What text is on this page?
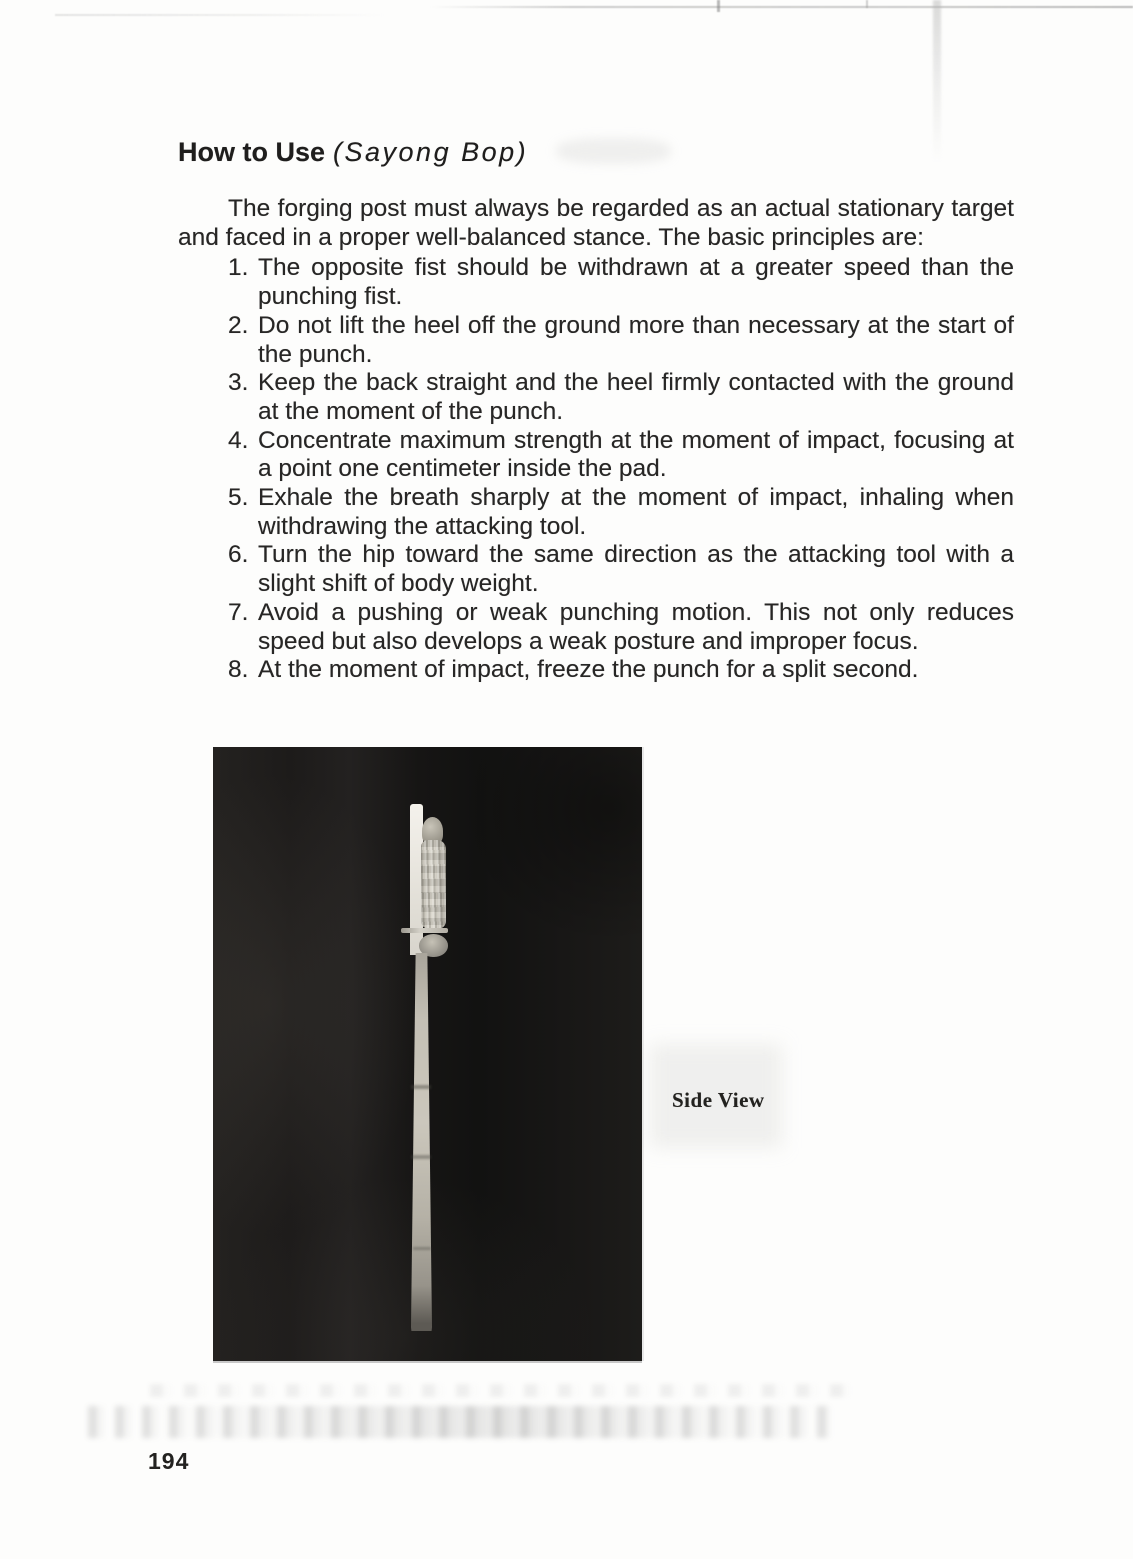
How to Use (Sayong Bop)

The forging post must always be regarded as an actual stationary target and faced in a proper well-balanced stance. The basic principles are:

1. The opposite fist should be withdrawn at a greater speed than the punching fist.
2. Do not lift the heel off the ground more than necessary at the start of the punch.
3. Keep the back straight and the heel firmly contacted with the ground at the moment of the punch.
4. Concentrate maximum strength at the moment of impact, focusing at a point one centimeter inside the pad.
5. Exhale the breath sharply at the moment of impact, inhaling when withdrawing the attacking tool.
6. Turn the hip toward the same direction as the attacking tool with a slight shift of body weight.
7. Avoid a pushing or weak punching motion. This not only reduces speed but also develops a weak posture and improper focus.
8. At the moment of impact, freeze the punch for a split second.
Side View
194
